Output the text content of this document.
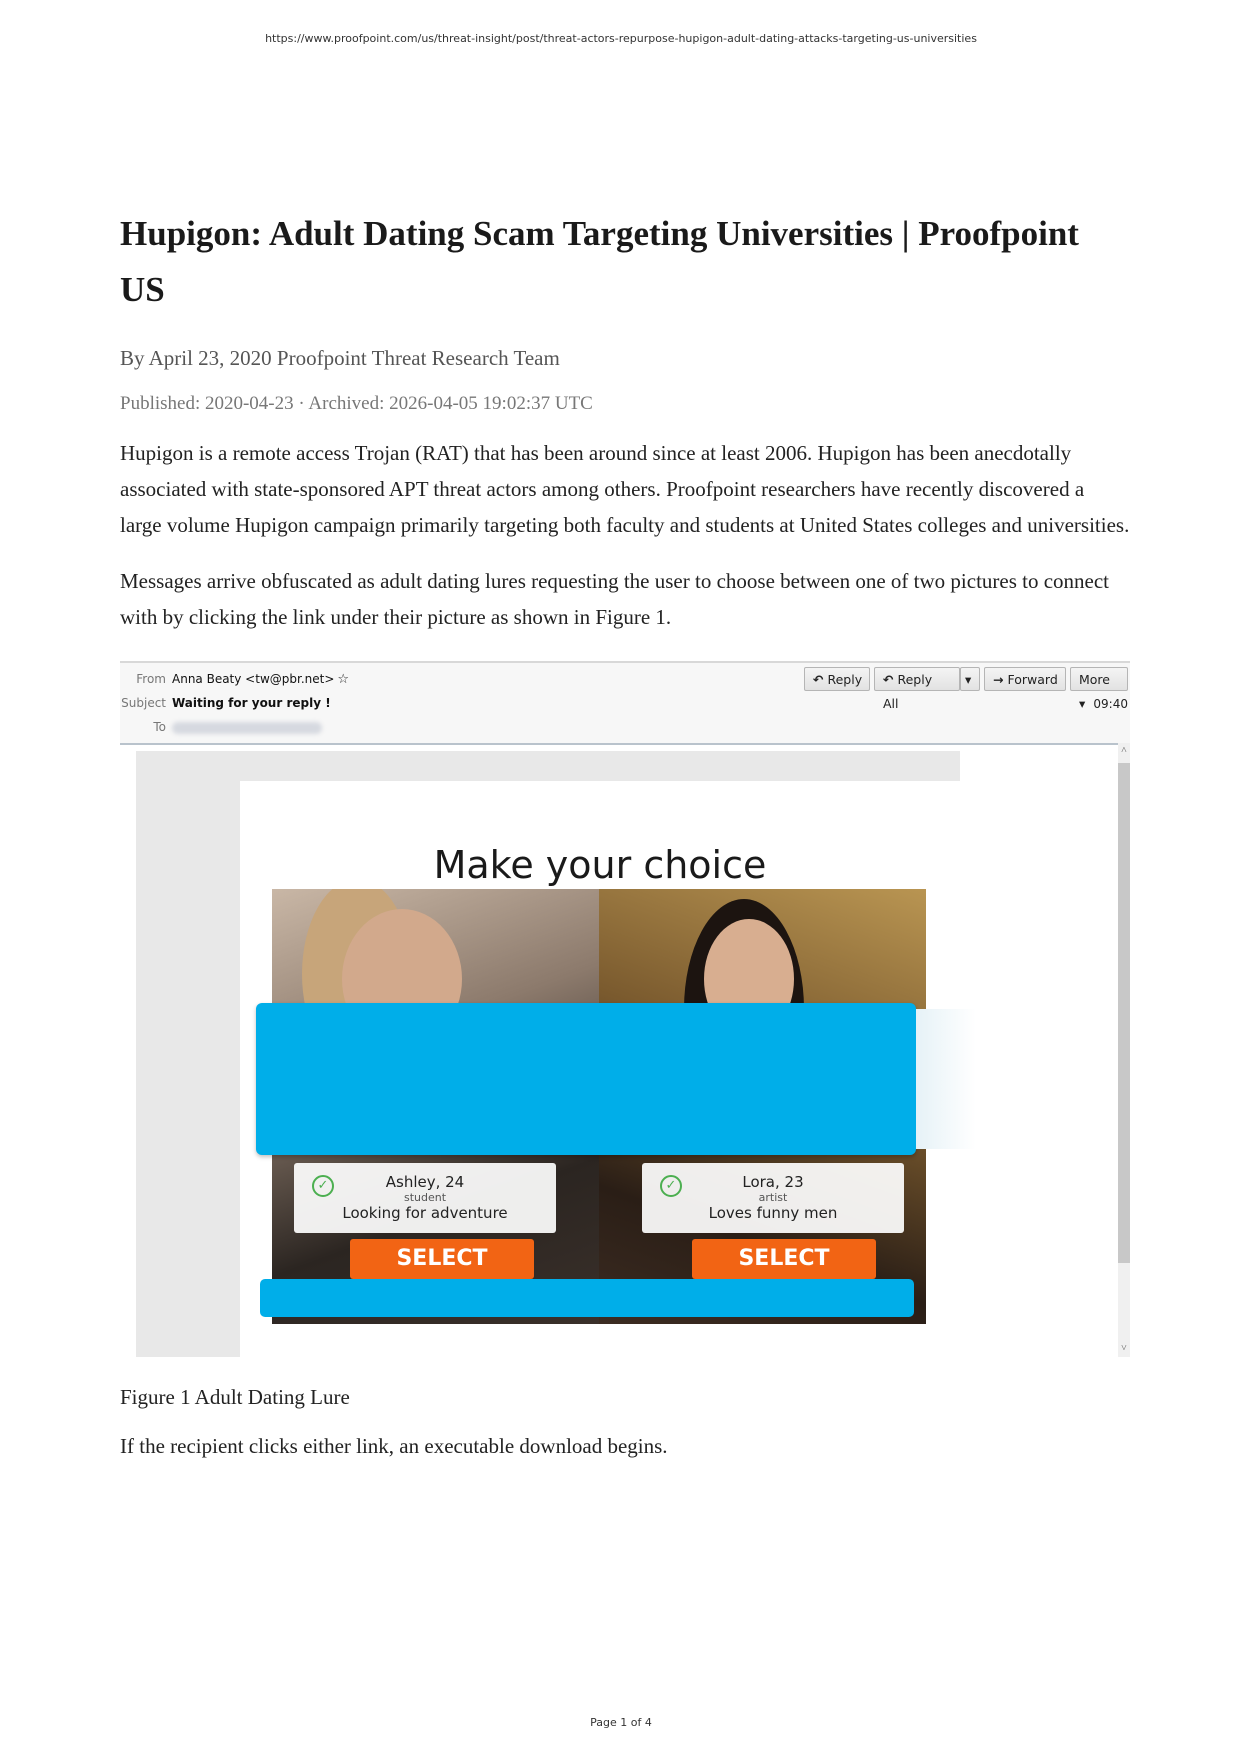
https://www.proofpoint.com/us/threat-insight/post/threat-actors-repurpose-hupigon-adult-dating-attacks-targeting-us-universities
Hupigon: Adult Dating Scam Targeting Universities | Proofpoint US
By April 23, 2020 Proofpoint Threat Research Team
Published: 2020-04-23 · Archived: 2026-04-05 19:02:37 UTC

Hupigon is a remote access Trojan (RAT) that has been around since at least 2006. Hupigon has been anecdotally associated with state-sponsored APT threat actors among others. Proofpoint researchers have recently discovered a large volume Hupigon campaign primarily targeting both faculty and students at United States colleges and universities.

Messages arrive obfuscated as adult dating lures requesting the user to choose between one of two pictures to connect with by clicking the link under their picture as shown in Figure 1.

From Anna Beaty <tw@pbr.net> ☆
Subject Waiting for your reply !
To
↶ Reply	↶ Reply All
▾	→ Forward	More ▾ 09:40
Make your choice
✓	Ashley, 24
student
Looking for adventure
✓	Lora, 23
artist
Loves funny men
SELECT	SELECT
˄
˅
Figure 1 Adult Dating Lure

If the recipient clicks either link, an executable download begins.

Page 1 of 4
